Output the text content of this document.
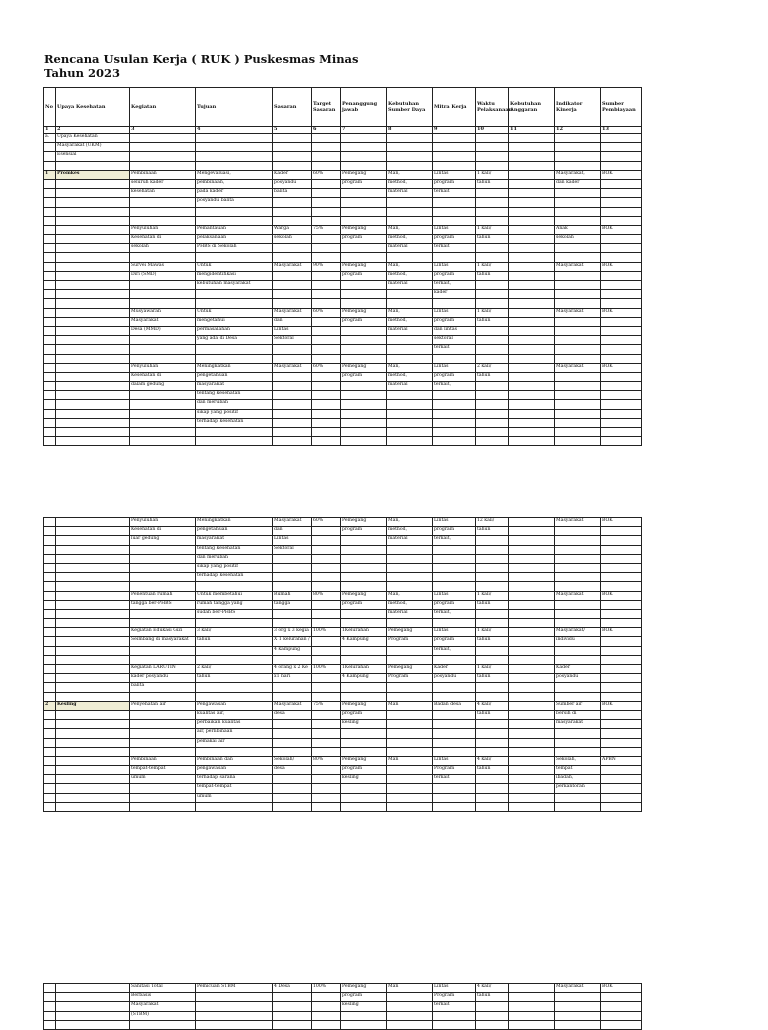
Rencana Usulan Kerja ( RUK ) Puskesmas Minas
Tahun 2023
No	Upaya Kesehatan	Kegiatan	Tujuan	Sasaran	Target Sasaran	Penanggung jawab	Kebutuhan Sumber Daya	Mitra Kerja	Waktu Pelaksanaan	Kebutuhan Anggaran	Indikator Kinerja	Sumber Pembiayaan
1	2	3	4	5	6	7	8	9	10	11	12	13
a.	Upaya Kesehatan											
	Masyarakat (UKM)											
	Esensial											

1	Promkes	Pembinaan	Mengevaluasi,	Kader	60%	Pemegang	Man,	Lintas	1 kali/		Masyarakat,	BOK
		seluruh kader	pembinaan,	posyandu		program	method,	program	tahun		dan kader	
		kesehatan	pada kader	balita			material	terkait				
			posyandu balita									

		Penyuluhan	Pemantauan	Warga	75%	Pemegang	Man,	Lintas	1 kali/		Anak	BOK
		Kesehatan di	pelaksanaan	sekolah		program	method,	program	tahun		sekolah	
		sekolah	PHBS di Sekolah				material	terkait				

		Survei Mawas	Untuk	Masyarakat	90%	Pemegang	Man,	Lintas	1 kali/		Masyarakat	BOK
		Diri (SMD)	mengidentifikasi			program	method,	program	tahun			
			kebutuhan masyarakat				material	terkait,				
								kader				

		Musyawarah	Untuk	Masyarakat	60%	Pemegang	Man,	Lintas	1 kali/		Masyarakat	BOK
		Masyarakat	mengetahui	dan		program	method,	program	tahun			
		Desa (MMD)	permasalahan	Lintas			material	dan lintas				
			yang ada di Desa	Sektoral				sektoral				
								terkait				

		Penyuluhan	Meningkatkan	Masyarakat	60%	Pemegang	Man,	Lintas	2 kali/		Masyarakat	BOK
		Kesehatan di	pengetahuan			program	method,	program	tahun			
		dalam gedung	masyarakat				material	terkait,				
			tentang kesehatan									
			dan merubah									
			sikap yang positif									
			terhadap kesehatan									

		Penyuluhan	Meningkatkan	Masyarakat	60%	Pemegang	Man,	Lintas	12 kali/		Masyarakat	BOK
		Kesehatan di	pengetahuan	dan		program	method,	program	tahun			
		luar gedung	masyarakat	Lintas			material	terkait,				
			tentang kesehatan	Sektoral								
			dan merubah									
			sikap yang positif									
			terhadap kesehatan									

		Penentuan rumah	Untuk membetahui	Rumah	80%	Pemegang	Man,	Lintas	1 kali/		Masyarakat	BOK
		tangga ber-PHBS	rumah tangga yang	tangga		program	method,	program	tahun			
			sudah ber-PHBS				material	terkait,				

		Kegiatan Edukasi Gizi	3 kali/	3 org x 3 kegia	100%	1Kelurahan	Pemegang	Lintas	1 kali/		Masyarakat/	BOK
		Seimbang di masyarakat	tahun	X 1 kelurahan /		4 Kampung	Program	program	tahun		individu	
				4 kampung				terkait,				

		Kegiatan LARUTIN	2 kali/	4 orang x 2 Ke	100%	1Kelurahan	Pemegang	Kader	1 kali/		Kader	
		kader posyandu	tahun	x1 hari		4 Kampung	Program	posyandu	tahun		posyandu	
		balita										

2	Kesling	Penyehatan air	Pengawasan	Masyarakat	75%	Pemegang	Man	Badan desa	4 kali/		Sumber air	BOK
			kualitas air,	desa		program			tahun		bersih di	
			perbaikan kualitas			kesling					masyarakat	
			air, perlibinaan									
			pemakai air									

		Pembinaan	Pembinaan dan	Sekolah/	80%	Pemegang	Man	Lintas	4 kali/		Sekolah,	APBN
		tempat-tempat	pengawasan	desa		program		Program	tahun		tempat	
		umum	terhadap sarana			kesling		terkait			ibadah,	
			tempat-tempat								perkantoran	
			umum									

		Sanitasi Total	Pemicuan STBM	4 Desa	100%	Pemegang	Man	Lintas	4 kali/		Masyarakat	BOK
		Berbasis				program		Program	tahun			
		Masyarakat				kesling		terkait				
		(STBM)										
